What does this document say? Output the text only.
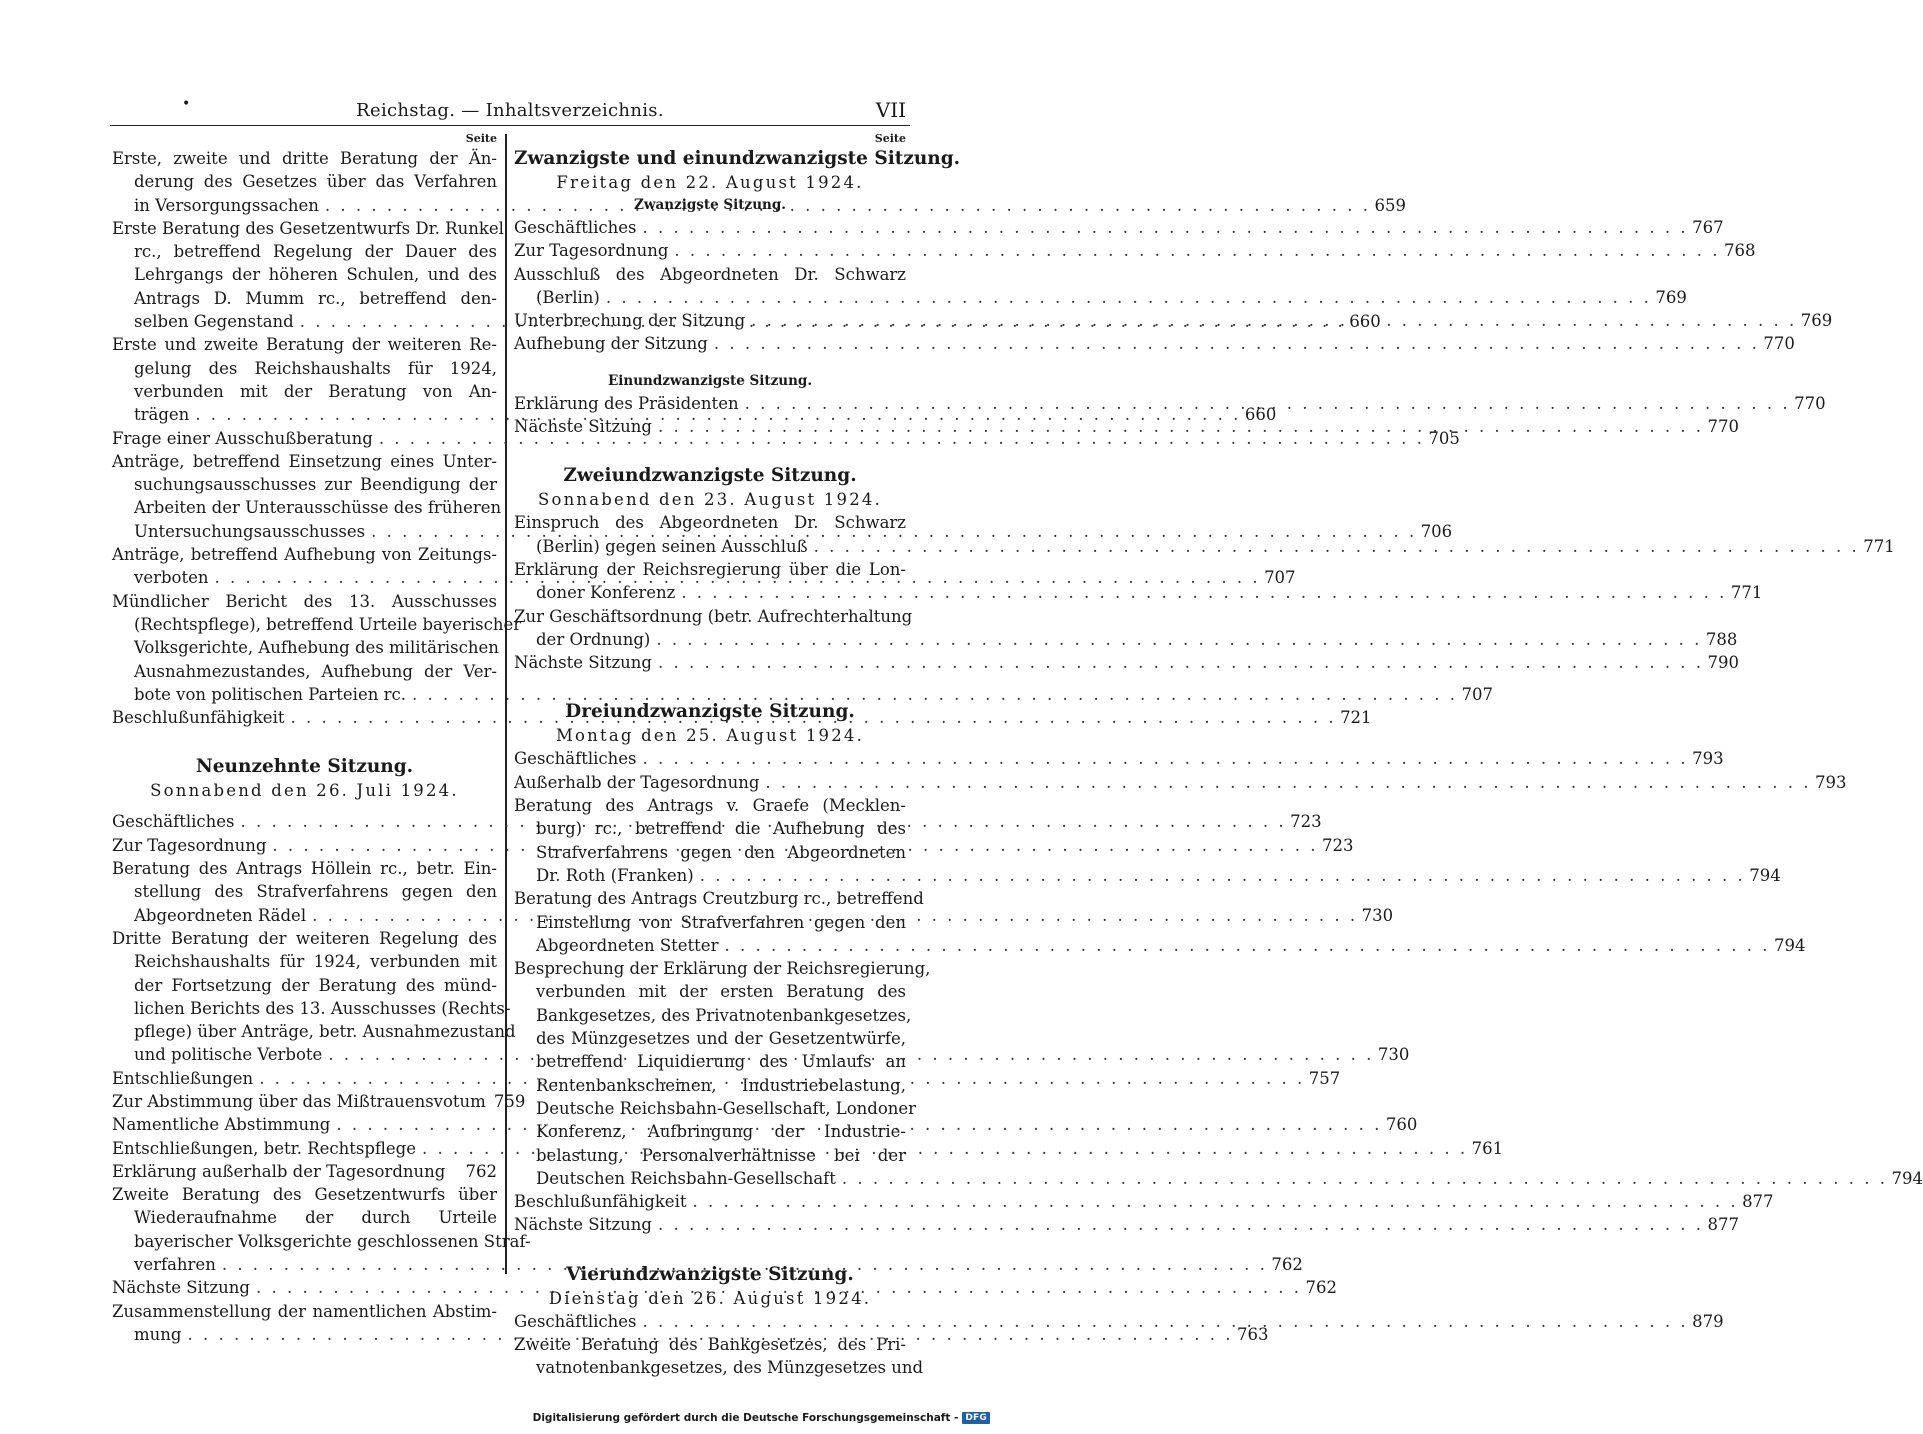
•	Reichstag. — Inhaltsverzeichnis.	VII
Seite
Erste, zweite und dritte Beratung der Än-
derung des Gesetzes über das Verfahren
in Versorgungssachen . . .	659
Erste Beratung des Gesetzentwurfs Dr. Runkel
rc., betreffend Regelung der Dauer des
Lehrgangs der höheren Schulen, und des
Antrags D. Mumm rc., betreffend den-
selben Gegenstand . . .	660
Erste und zweite Beratung der weiteren Re-
gelung des Reichshaushalts für 1924,
verbunden mit der Beratung von An-
trägen . . .	660
Frage einer Ausschußberatung . . .	705
Anträge, betreffend Einsetzung eines Unter-
suchungsausschusses zur Beendigung der
Arbeiten der Unterausschüsse des früheren
Untersuchungsausschusses . . .	706
Anträge, betreffend Aufhebung von Zeitungs-
verboten . . .	707
Mündlicher Bericht des 13. Ausschusses
(Rechtspflege), betreffend Urteile bayerischer
Volksgerichte, Aufhebung des militärischen
Ausnahmezustandes, Aufhebung der Ver-
bote von politischen Parteien rc. . . .	707
Beschlußunfähigkeit . . .	721
Neunzehnte Sitzung.
Sonnabend den 26. Juli 1924.
Geschäftliches . . .	723
Zur Tagesordnung . . .	723
Beratung des Antrags Höllein rc., betr. Ein-
stellung des Strafverfahrens gegen den
Abgeordneten Rädel . . .	730
Dritte Beratung der weiteren Regelung des
Reichshaushalts für 1924, verbunden mit
der Fortsetzung der Beratung des münd-
lichen Berichts des 13. Ausschusses (Rechts-
pflege) über Anträge, betr. Ausnahmezustand
und politische Verbote . . .	730
Entschließungen . . .	757
Zur Abstimmung über das Mißtrauensvotum 759
Namentliche Abstimmung . . .	760
Entschließungen, betr. Rechtspflege . . .	761
Erklärung außerhalb der Tagesordnung 762
Zweite Beratung des Gesetzentwurfs über
Wiederaufnahme der durch Urteile
bayerischer Volksgerichte geschlossenen Straf-
verfahren . . .	762
Nächste Sitzung . . .	762
Zusammenstellung der namentlichen Abstim-
mung . . .	763
Seite
Zwanzigste und einundzwanzigste Sitzung.
Freitag den 22. August 1924.
Zwanzigste Sitzung.
Geschäftliches . . .	767
Zur Tagesordnung . . .	768
Ausschluß des Abgeordneten Dr. Schwarz
(Berlin) . . .	769
Unterbrechung der Sitzung . . .	769
Aufhebung der Sitzung . . .	770
Einundzwanzigste Sitzung.
Erklärung des Präsidenten . . .	770
Nächste Sitzung . . .	770
Zweiundzwanzigste Sitzung.
Sonnabend den 23. August 1924.
Einspruch des Abgeordneten Dr. Schwarz
(Berlin) gegen seinen Ausschluß . . .	771
Erklärung der Reichsregierung über die Lon-
doner Konferenz . . .	771
Zur Geschäftsordnung (betr. Aufrechterhaltung
der Ordnung) . . .	788
Nächste Sitzung . . .	790
Dreiundzwanzigste Sitzung.
Montag den 25. August 1924.
Geschäftliches . . .	793
Außerhalb der Tagesordnung . . .	793
Beratung des Antrags v. Graefe (Mecklen-
burg) rc., betreffend die Aufhebung des
Strafverfahrens gegen den Abgeordneten
Dr. Roth (Franken) . . .	794
Beratung des Antrags Creutzburg rc., betreffend
Einstellung von Strafverfahren gegen den
Abgeordneten Stetter . . .	794
Besprechung der Erklärung der Reichsregierung,
verbunden mit der ersten Beratung des
Bankgesetzes, des Privatnotenbankgesetzes,
des Münzgesetzes und der Gesetzentwürfe,
betreffend Liquidierung des Umlaufs an
Rentenbankscheinen, Industriebelastung,
Deutsche Reichsbahn-Gesellschaft, Londoner
Konferenz, Aufbringung der Industrie-
belastung, Personalverhältnisse bei der
Deutschen Reichsbahn-Gesellschaft . . .	794
Beschlußunfähigkeit . . .	877
Nächste Sitzung . . .	877
Vierundzwanzigste Sitzung.
Dienstag den 26. August 1924.
Geschäftliches . . .	879
Zweite Beratung des Bankgesetzes, des Pri-
vatnotenbankgesetzes, des Münzgesetzes und
Digitalisierung gefördert durch die Deutsche Forschungsgemeinschaft - DFG
